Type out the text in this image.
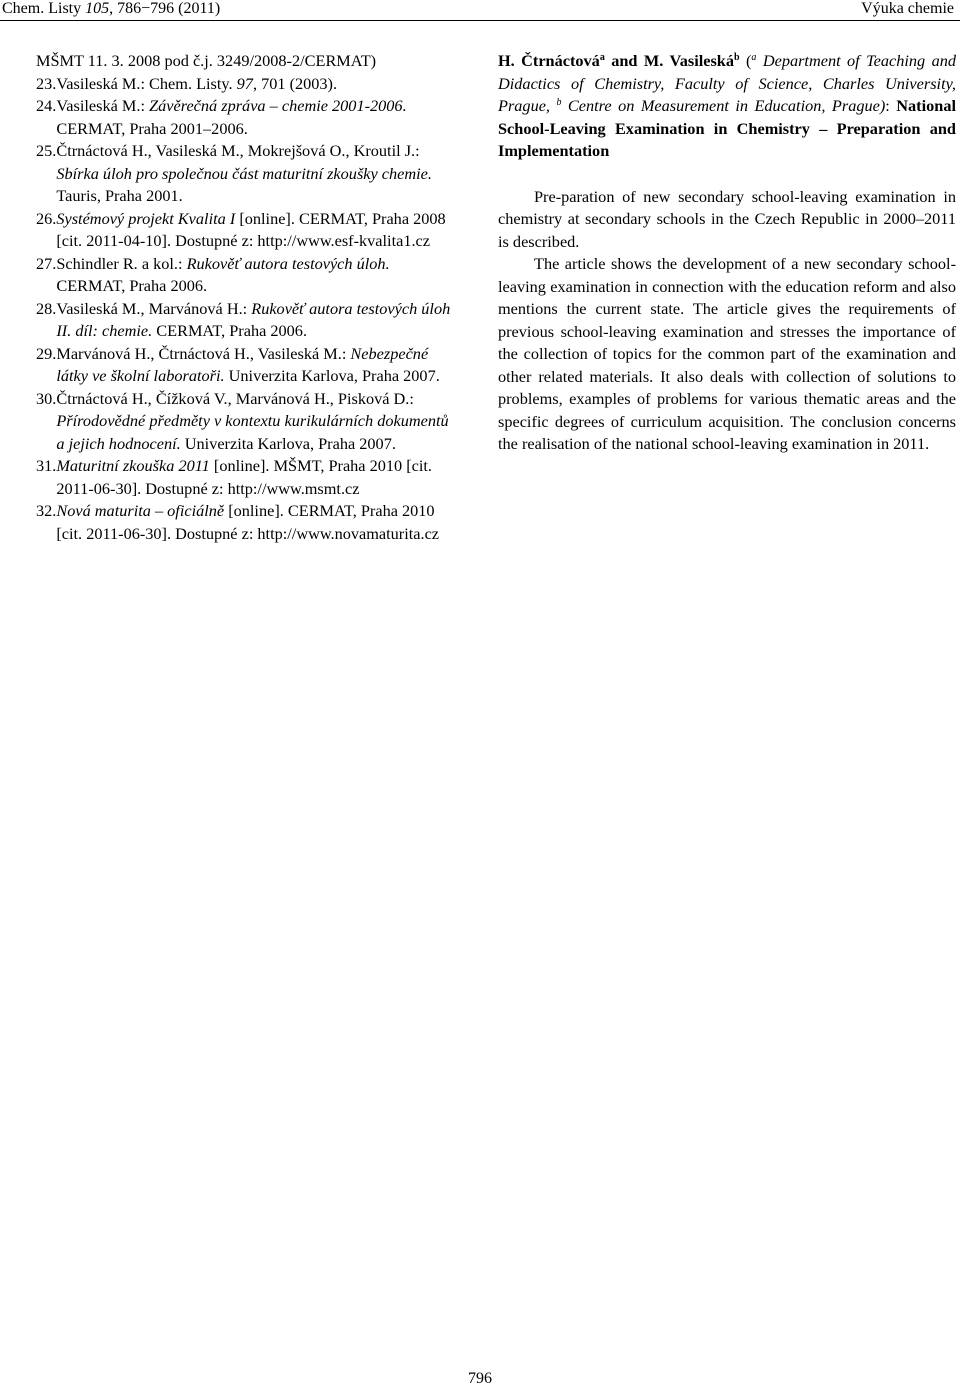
Chem. Listy 105, 786−796 (2011)	Výuka chemie
MŠMT 11. 3. 2008 pod č.j. 3249/2008-2/CERMAT)
23. Vasileská M.: Chem. Listy. 97, 701 (2003).
24. Vasileská M.: Závěrečná zpráva – chemie 2001-2006. CERMAT, Praha 2001‒2006.
25. Čtrnáctová H., Vasileská M., Mokrejšová O., Kroutil J.: Sbírka úloh pro společnou část maturitní zkoušky chemie. Tauris, Praha 2001.
26. Systémový projekt Kvalita I [online]. CERMAT, Praha 2008 [cit. 2011-04-10]. Dostupné z: http://www.esf-kvalita1.cz
27. Schindler R. a kol.: Rukověť autora testových úloh. CERMAT, Praha 2006.
28. Vasileská M., Marvánová H.: Rukověť autora testových úloh II. díl: chemie. CERMAT, Praha 2006.
29. Marvánová H., Čtrnáctová H., Vasileská M.: Nebezpečné látky ve školní laboratoři. Univerzita Karlova, Praha 2007.
30. Čtrnáctová H., Čížková V., Marvánová H., Pisková D.: Přírodovědné předměty v kontextu kurikulárních dokumentů a jejich hodnocení. Univerzita Karlova, Praha 2007.
31. Maturitní zkouška 2011 [online]. MŠMT, Praha 2010 [cit. 2011-06-30]. Dostupné z: http://www.msmt.cz
32. Nová maturita – oficiálně [online]. CERMAT, Praha 2010 [cit. 2011-06-30]. Dostupné z: http://www.novamaturita.cz
H. Čtrnáctová$^a$ and M. Vasileská$^b$ ($^a$ Department of Teaching and Didactics of Chemistry, Faculty of Science, Charles University, Prague, $^b$ Centre on Measurement in Education, Prague): National School-Leaving Examination in Chemistry – Preparation and Implementation

Pre-paration of new secondary school-leaving examination in chemistry at secondary schools in the Czech Republic in 2000‒2011 is described.

The article shows the development of a new secondary school-leaving examination in connection with the education reform and also mentions the current state. The article gives the requirements of previous school-leaving examination and stresses the importance of the collection of topics for the common part of the examination and other related materials. It also deals with collection of solutions to problems, examples of problems for various thematic areas and the specific degrees of curriculum acquisition. The conclusion concerns the realisation of the national school-leaving examination in 2011.

796
